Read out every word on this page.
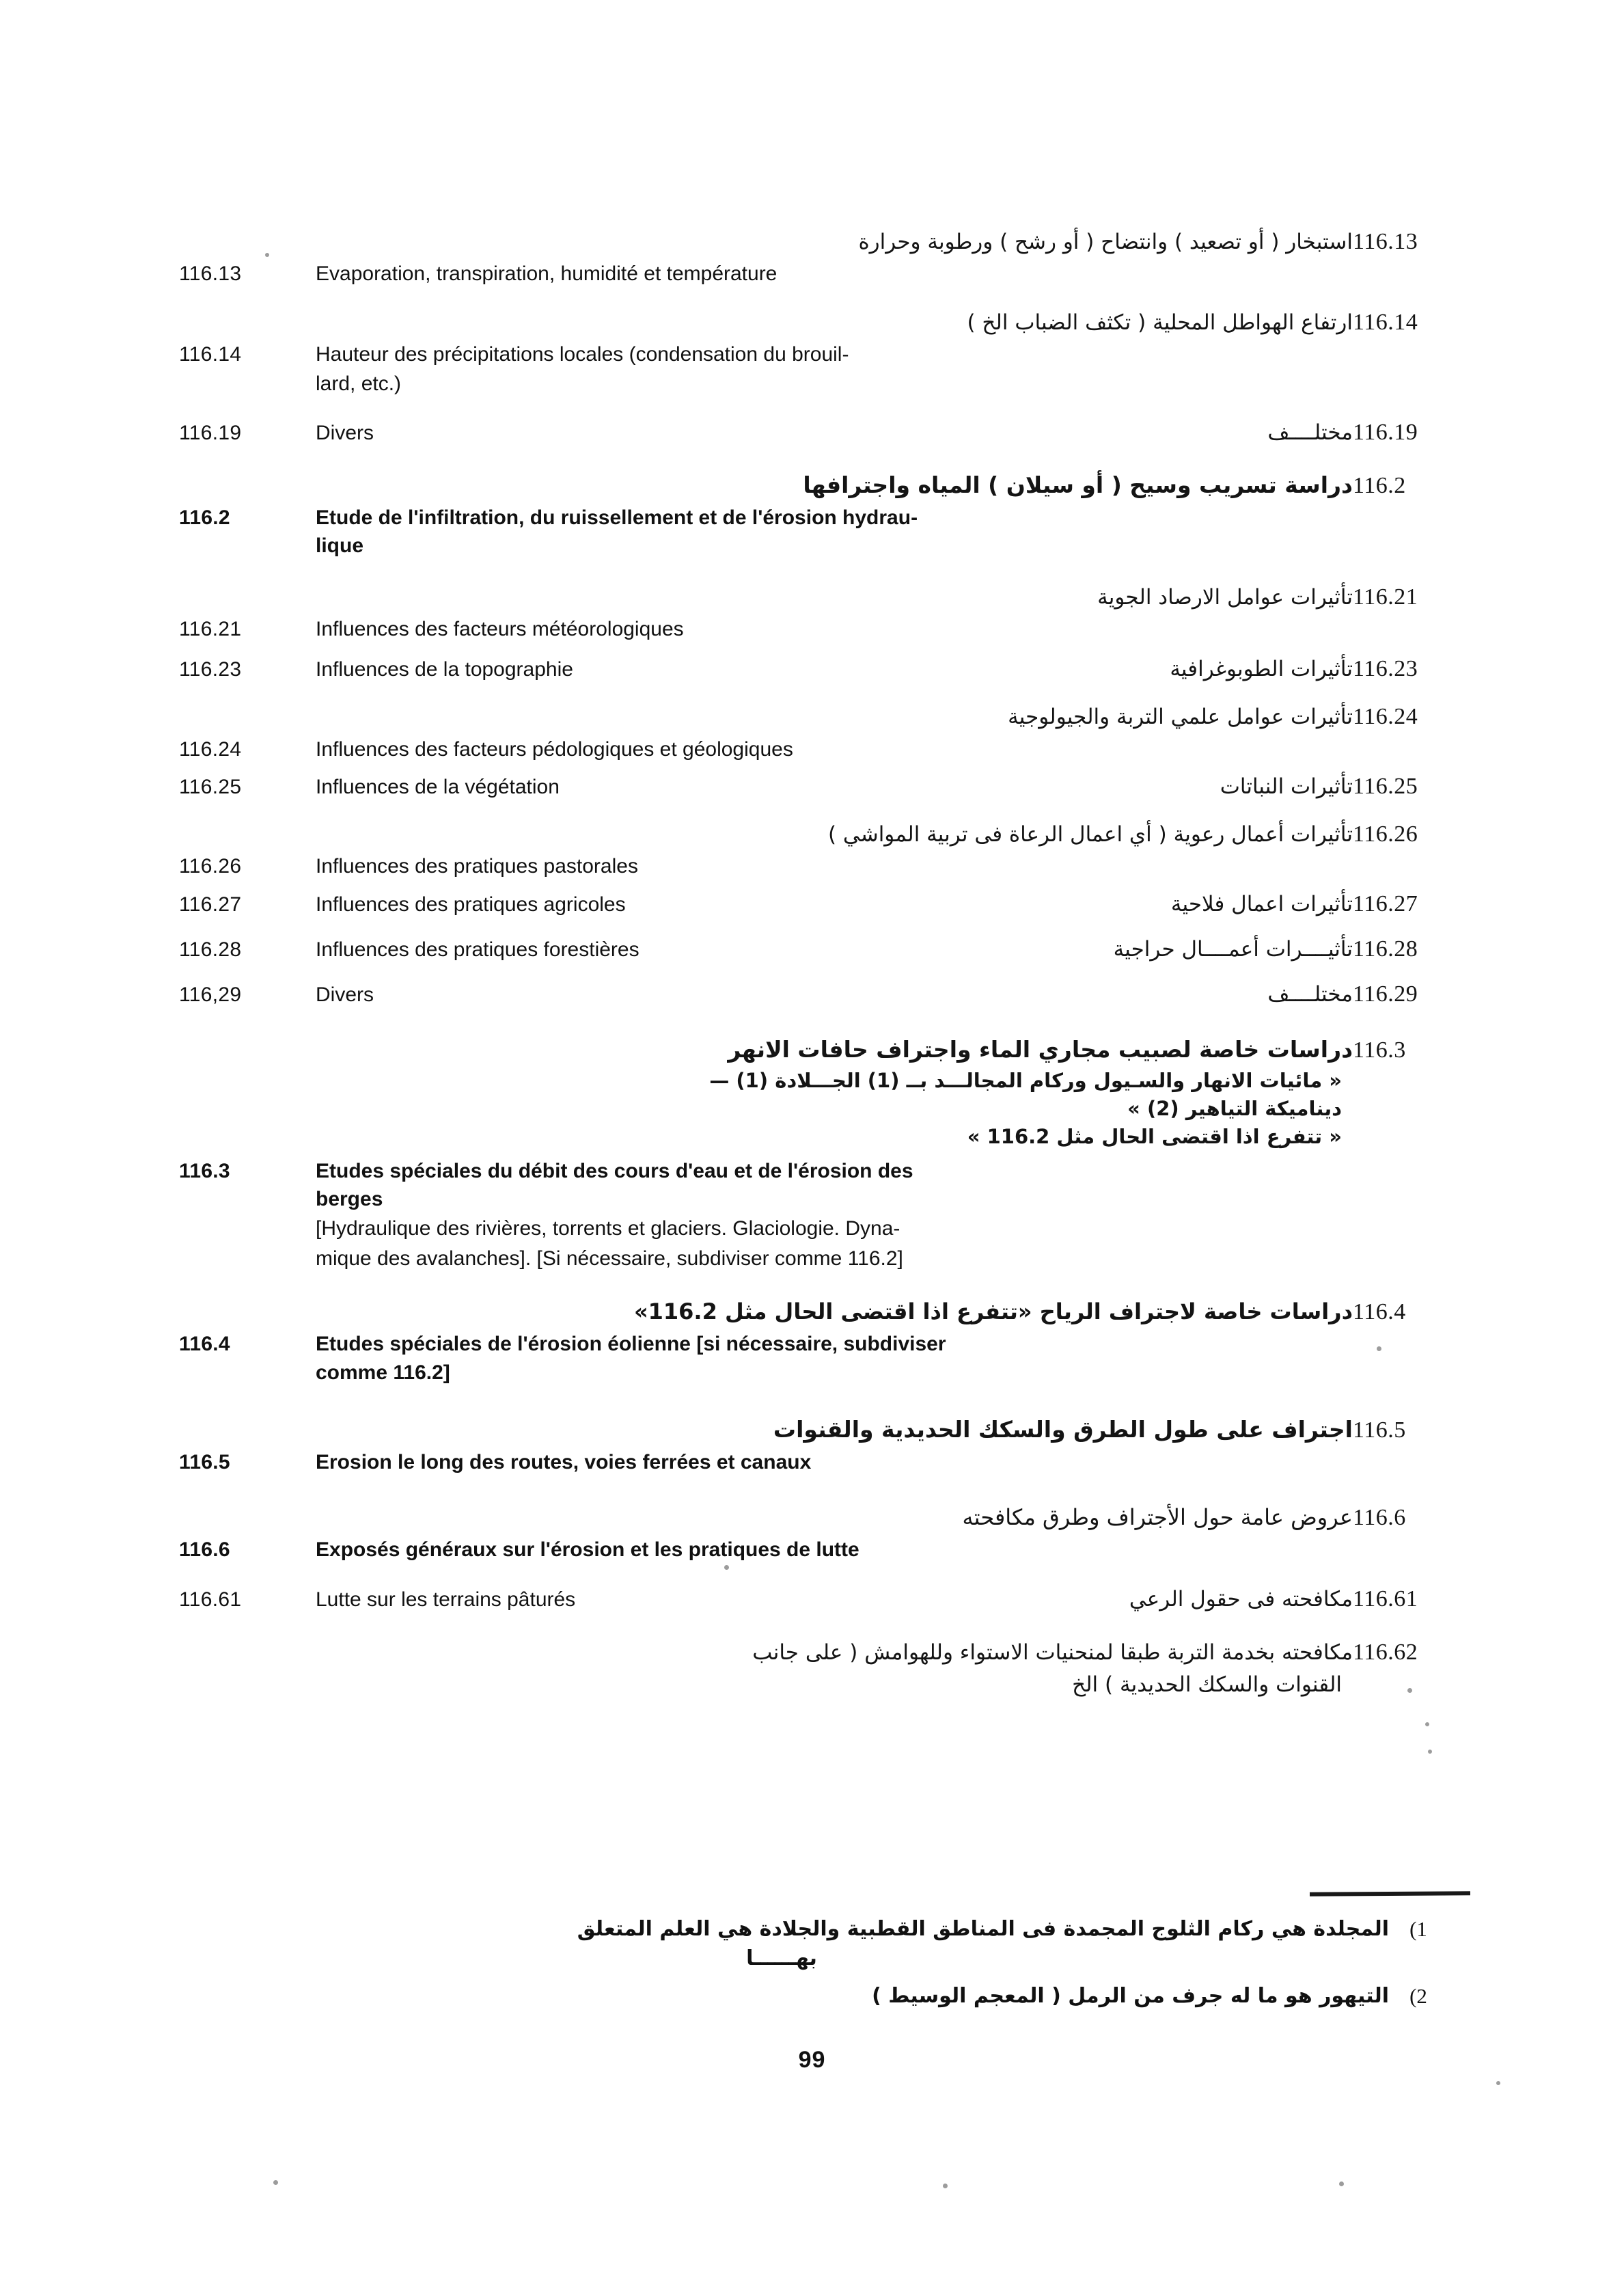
116.13استبخار ( أو تصعيد ) وانتضاح ( أو رشح ) ورطوبة وحرارة
116.13	Evaporation, transpiration, humidité et température
116.14ارتفاع الهواطل المحلية ( تكثف الضباب الخ )
116.14	Hauteur des précipitations locales (condensation du brouil-
lard, etc.)
116.19مختلــــف
116.19	Divers
116.2دراسة تسريب وسيح ( أو سيلان ) المياه واجترافها
116.2	Etude de l'infiltration, du ruissellement et de l'érosion hydrau-
lique
116.21تأثيرات عوامل الارصاد الجوية
116.21	Influences des facteurs météorologiques
116.23تأثيرات الطوبوغرافية
116.23	Influences de la topographie
116.24تأثيرات عوامل علمي التربة والجيولوجية
116.24	Influences des facteurs pédologiques et géologiques
116.25تأثيرات النباتات
116.25	Influences de la végétation
116.26تأثيرات أعمال رعوية ( أي اعمال الرعاة فى تربية المواشي )
116.26	Influences des pratiques pastorales
116.27تأثيرات اعمال فلاحية
116.27	Influences des pratiques agricoles
116.28تأثيــــرات أعمــــال حراجية
116.28	Influences des pratiques forestières
116.29مختلــــف
116,29	Divers
116.3دراسات خاصة لصبيب مجاري الماء واجتراف حافات الانهر
« مائيات الانهار والسـيول وركام المجالـــد بــ (1) الجـــلادة (1) —
ديناميكة التياهير (2) »
« تتفرع اذا اقتضى الحال مثل 116.2 »
116.3	Etudes spéciales du débit des cours d'eau et de l'érosion des
berges
[Hydraulique des rivières, torrents et glaciers. Glaciologie. Dyna-
mique des avalanches]. [Si nécessaire, subdiviser comme 116.2]
116.4دراسات خاصة لاجتراف الرياح «تتفرع اذا اقتضى الحال مثل 116.2»
116.4	Etudes spéciales de l'érosion éolienne [si nécessaire, subdiviser
comme 116.2]
116.5اجتراف على طول الطرق والسكك الحديدية والقنوات
116.5	Erosion le long des routes, voies ferrées et canaux
116.6عروض عامة حول الأجتراف وطرق مكافحته
116.6	Exposés généraux sur l'érosion et les pratiques de lutte
116.61مكافحته فى حقول الرعي
116.61	Lutte sur les terrains pâturés
116.62مكافحته بخدمة التربة طبقا لمنحنيات الاستواء وللهوامش ( على جانب
القنوات والسكك الحديدية ) الخ
(1
المجلدة هي ركام الثلوج المجمدة فى المناطق القطبية والجلادة هي العلم المتعلق
بهــــــا
(2
التيهور هو ما له جرف من الرمل ( المعجم الوسيط )
99
